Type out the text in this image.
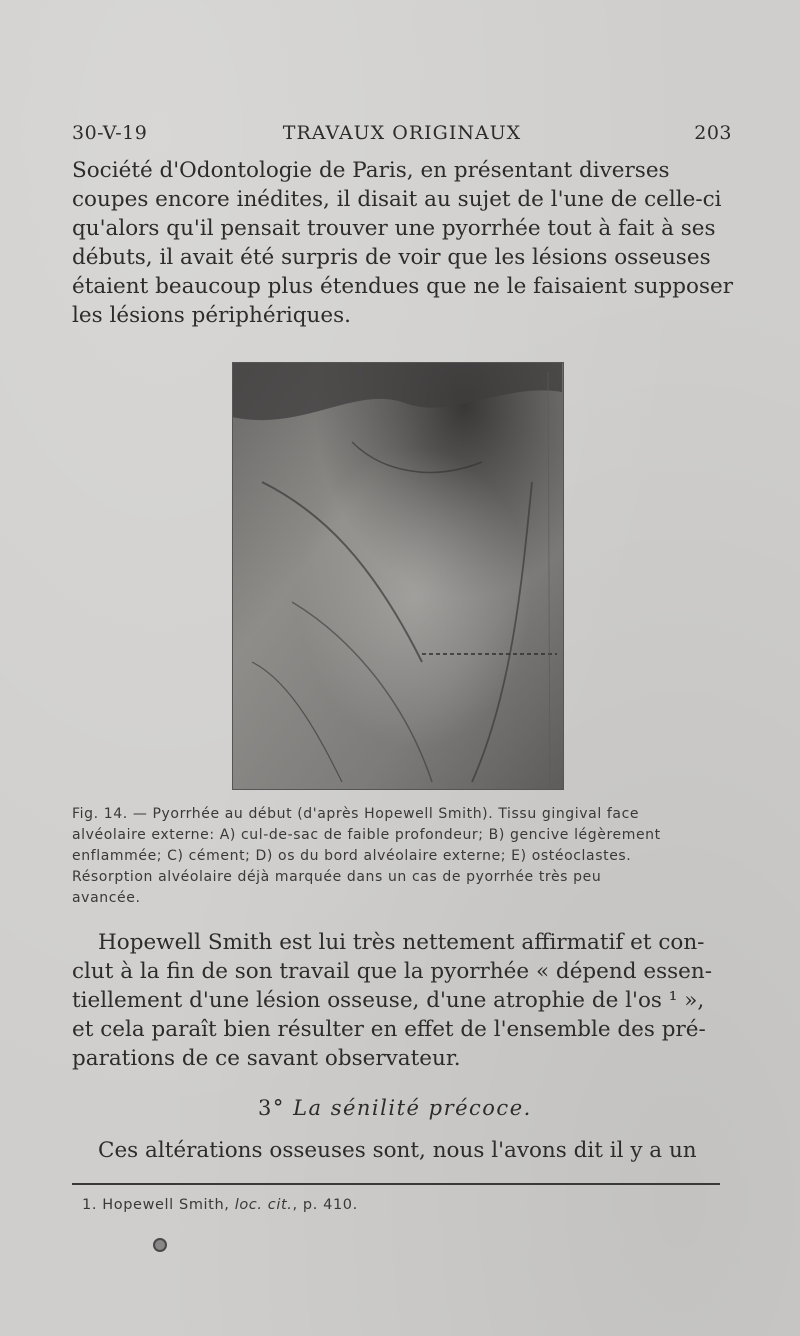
30-V-19	TRAVAUX ORIGINAUX	203
Société d'Odontologie de Paris, en présentant diverses
coupes encore inédites, il disait au sujet de l'une de celle-ci
qu'alors qu'il pensait trouver une pyorrhée tout à fait à ses
débuts, il avait été surpris de voir que les lésions osseuses
étaient beaucoup plus étendues que ne le faisaient supposer
les lésions périphériques.
Fig. 14. — Pyorrhée au début (d'après Hopewell Smith). Tissu gingival face
alvéolaire externe: A) cul-de-sac de faible profondeur; B) gencive légèrement
enflammée; C) cément; D) os du bord alvéolaire externe; E) ostéoclastes.
Résorption alvéolaire déjà marquée dans un cas de pyorrhée très peu
avancée.
Hopewell Smith est lui très nettement affirmatif et con-
clut à la fin de son travail que la pyorrhée « dépend essen-
tiellement d'une lésion osseuse, d'une atrophie de l'os ¹ »,
et cela paraît bien résulter en effet de l'ensemble des pré-
parations de ce savant observateur.
3° La sénilité précoce.
Ces altérations osseuses sont, nous l'avons dit il y a un
1. Hopewell Smith, loc. cit., p. 410.
